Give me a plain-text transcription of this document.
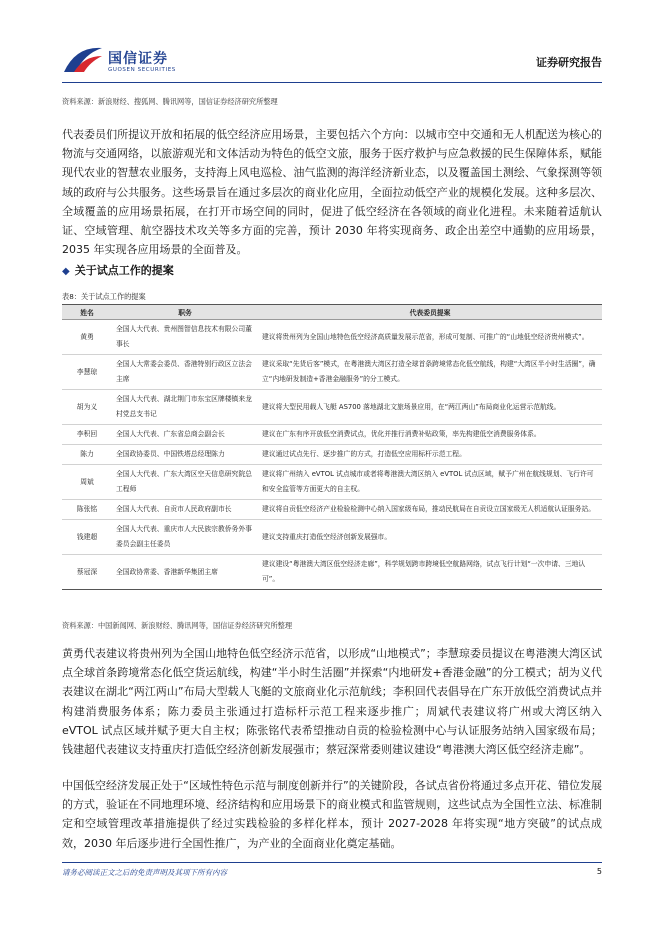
国信证券
GUOSEN SECURITIES
证券研究报告
资料来源：新浪财经、搜狐网、腾讯网等，国信证券经济研究所整理

代表委员们所提议开放和拓展的低空经济应用场景，主要包括六个方向：以城市空中交通和无人机配送为核心的物流与交通网络，以旅游观光和文体活动为特色的低空文旅，服务于医疗救护与应急救援的民生保障体系，赋能现代农业的智慧农业服务，支持海上风电巡检、油气监测的海洋经济新业态，以及覆盖国土测绘、气象探测等领域的政府与公共服务。这些场景旨在通过多层次的商业化应用，全面拉动低空产业的规模化发展。这种多层次、全域覆盖的应用场景拓展，在打开市场空间的同时，促进了低空经济在各领域的商业化进程。未来随着适航认证、空域管理、航空器技术攻关等多方面的完善，预计 2030 年将实现商务、政企出差空中通勤的应用场景，2035 年实现各应用场景的全面普及。

◆ 关于试点工作的提案
表8：关于试点工作的提案
姓名	职务	代表委员提案
黄勇	全国人大代表、贵州图智信息技术有限公司董事长	建议将贵州列为全国山地特色低空经济高质量发展示范省，形成可复制、可推广的“山地低空经济贵州模式”。
李慧琼	全国人大常委会委员、香港特别行政区立法会主席	建议采取“先货后客”模式，在粤港澳大湾区打造全球首条跨境常态化低空航线，构建“大湾区半小时生活圈”，确立“内地研发制造+香港金融服务”的分工模式。
胡为义	全国人大代表、湖北荆门市东宝区牌楼镇来龙村党总支书记	建议将大型民用载人飞艇 AS700 落地湖北文旅场景应用，在“两江两山”布局商业化运营示范航线。
李积回	全国人大代表、广东省总商会副会长	建议在广东有序开放低空消费试点，优化并推行消费补贴政策，率先构建低空消费服务体系。
陈力	全国政协委员、中国铁塔总经理陈力	建议通过试点先行、逐步推广的方式，打造低空应用标杆示范工程。
周斌	全国人大代表、广东大湾区空天信息研究院总工程师	建议将广州纳入 eVTOL 试点城市或者将粤港澳大湾区纳入 eVTOL 试点区域，赋予广州在航线规划、飞行许可和安全监管等方面更大的自主权。
陈张铭	全国人大代表、自贡市人民政府副市长	建议将自贡低空经济产业检验检测中心纳入国家级布局，推动民航局在自贡设立国家级无人机适航认证服务站。
钱建超	全国人大代表、重庆市人大民族宗教侨务外事委员会副主任委员	建议支持重庆打造低空经济创新发展强市。
蔡冠深	全国政协常委、香港新华集团主席	建议建设“粤港澳大湾区低空经济走廊”，科学规划跨市跨境低空航路网络，试点飞行计划“一次申请、三地认可”。
资料来源：中国新闻网、新浪财经、腾讯网等，国信证券经济研究所整理

黄勇代表建议将贵州列为全国山地特色低空经济示范省，以形成“山地模式”；李慧琼委员提议在粤港澳大湾区试点全球首条跨境常态化低空货运航线，构建“半小时生活圈”并探索“内地研发+香港金融”的分工模式；胡为义代表建议在湖北“两江两山”布局大型载人飞艇的文旅商业化示范航线；李积回代表倡导在广东开放低空消费试点并构建消费服务体系；陈力委员主张通过打造标杆示范工程来逐步推广；周斌代表建议将广州或大湾区纳入 eVTOL 试点区域并赋予更大自主权；陈张铭代表希望推动自贡的检验检测中心与认证服务站纳入国家级布局；钱建超代表建议支持重庆打造低空经济创新发展强市；蔡冠深常委则建议建设“粤港澳大湾区低空经济走廊”。

中国低空经济发展正处于“区域性特色示范与制度创新并行”的关键阶段，各试点省份将通过多点开花、错位发展的方式，验证在不同地理环境、经济结构和应用场景下的商业模式和监管规则，这些试点为全国性立法、标准制定和空域管理改革措施提供了经过实践检验的多样化样本，预计 2027-2028 年将实现“地方突破”的试点成效，2030 年后逐步进行全国性推广，为产业的全面商业化奠定基础。

请务必阅读正文之后的免责声明及其项下所有内容	5
